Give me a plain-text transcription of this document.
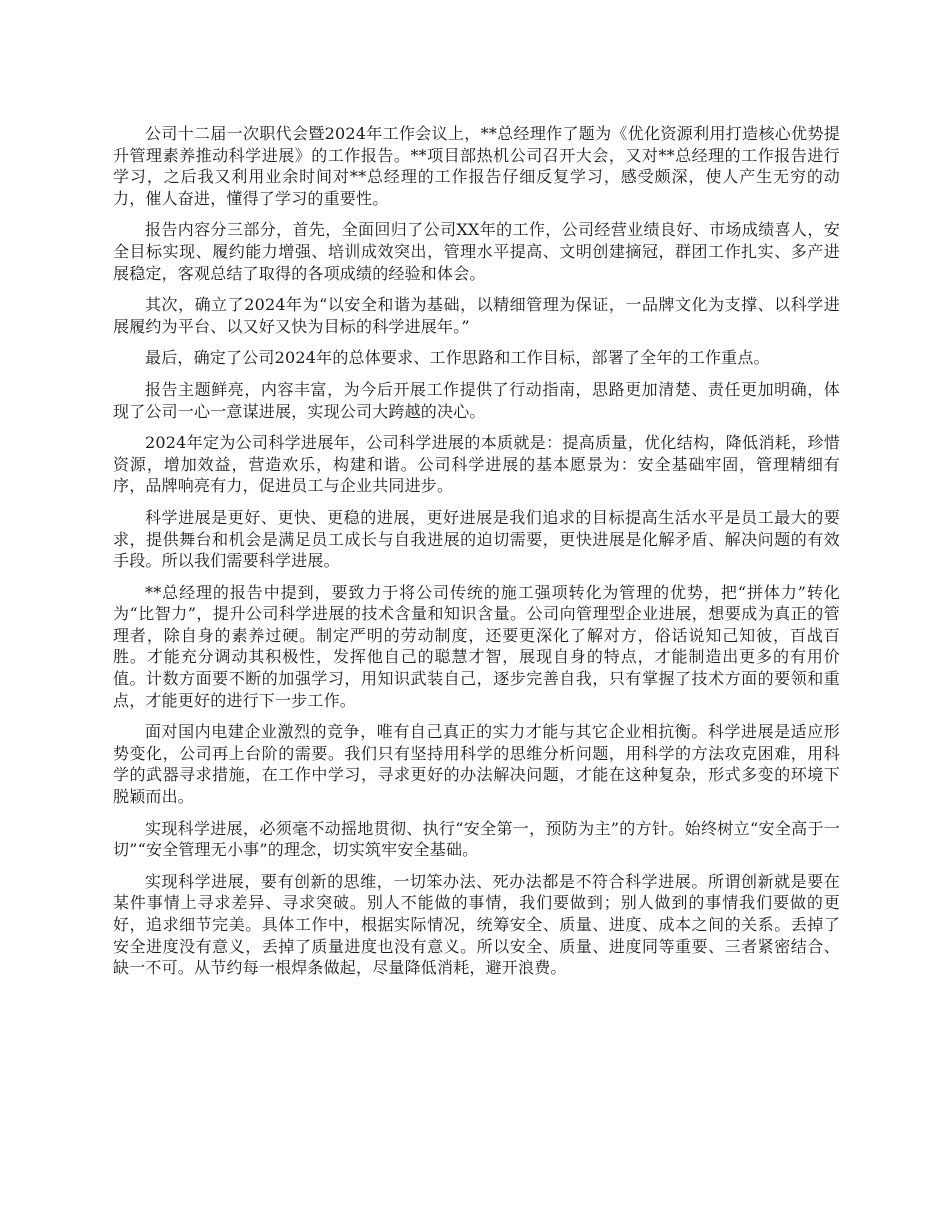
公司十二届一次职代会暨2024年工作会议上，**总经理作了题为《优化资源利用打造核心优势提升管理素养推动科学进展》的工作报告。**项目部热机公司召开大会，又对**总经理的工作报告进行学习，之后我又利用业余时间对**总经理的工作报告仔细反复学习，感受颇深，使人产生无穷的动力，催人奋进，懂得了学习的重要性。

报告内容分三部分，首先，全面回归了公司XX年的工作，公司经营业绩良好、市场成绩喜人，安全目标实现、履约能力增强、培训成效突出，管理水平提高、文明创建摘冠，群团工作扎实、多产进展稳定，客观总结了取得的各项成绩的经验和体会。

其次，确立了2024年为“以安全和谐为基础，以精细管理为保证，一品牌文化为支撑、以科学进展履约为平台、以又好又快为目标的科学进展年。”

最后，确定了公司2024年的总体要求、工作思路和工作目标，部署了全年的工作重点。

报告主题鲜亮，内容丰富，为今后开展工作提供了行动指南，思路更加清楚、责任更加明确，体现了公司一心一意谋进展，实现公司大跨越的决心。

2024年定为公司科学进展年，公司科学进展的本质就是：提高质量，优化结构，降低消耗，珍惜资源，增加效益，营造欢乐，构建和谐。公司科学进展的基本愿景为：安全基础牢固，管理精细有序，品牌响亮有力，促进员工与企业共同进步。

科学进展是更好、更快、更稳的进展，更好进展是我们追求的目标提高生活水平是员工最大的要求，提供舞台和机会是满足员工成长与自我进展的迫切需要，更快进展是化解矛盾、解决问题的有效手段。所以我们需要科学进展。

**总经理的报告中提到，要致力于将公司传统的施工强项转化为管理的优势，把“拼体力”转化为“比智力”，提升公司科学进展的技术含量和知识含量。公司向管理型企业进展，想要成为真正的管理者，除自身的素养过硬。制定严明的劳动制度，还要更深化了解对方，俗话说知己知彼，百战百胜。才能充分调动其积极性，发挥他自己的聪慧才智，展现自身的特点，才能制造出更多的有用价值。计数方面要不断的加强学习，用知识武装自己，逐步完善自我，只有掌握了技术方面的要领和重点，才能更好的进行下一步工作。

面对国内电建企业激烈的竞争，唯有自己真正的实力才能与其它企业相抗衡。科学进展是适应形势变化，公司再上台阶的需要。我们只有坚持用科学的思维分析问题，用科学的方法攻克困难，用科学的武器寻求措施，在工作中学习，寻求更好的办法解决问题，才能在这种复杂，形式多变的环境下脱颖而出。

实现科学进展，必须毫不动摇地贯彻、执行“安全第一，预防为主”的方针。始终树立“安全高于一切”“安全管理无小事”的理念，切实筑牢安全基础。

实现科学进展，要有创新的思维，一切笨办法、死办法都是不符合科学进展。所谓创新就是要在某件事情上寻求差异、寻求突破。别人不能做的事情，我们要做到；别人做到的事情我们要做的更好，追求细节完美。具体工作中，根据实际情况，统筹安全、质量、进度、成本之间的关系。丢掉了安全进度没有意义，丢掉了质量进度也没有意义。所以安全、质量、进度同等重要、三者紧密结合、缺一不可。从节约每一根焊条做起，尽量降低消耗，避开浪费。
